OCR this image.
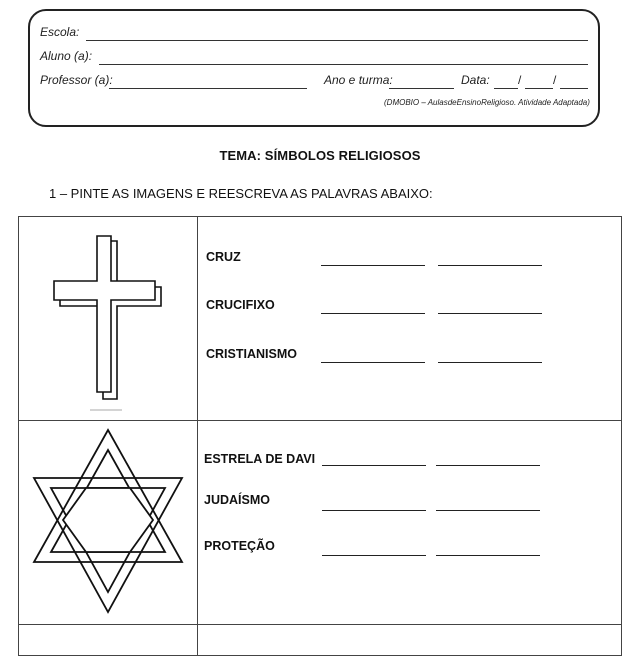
Escola:
Aluno (a):
Professor (a):	Ano e turma:	Data: /	/
(DMOBIO – AulasdeEnsinoReligioso. Atividade Adaptada)
TEMA: SÍMBOLOS RELIGIOSOS
1 – PINTE AS IMAGENS E REESCREVA AS PALAVRAS ABAIXO:
CRUZ
CRUCIFIXO
CRISTIANISMO
ESTRELA DE DAVI
JUDAÍSMO
PROTEÇÃO
